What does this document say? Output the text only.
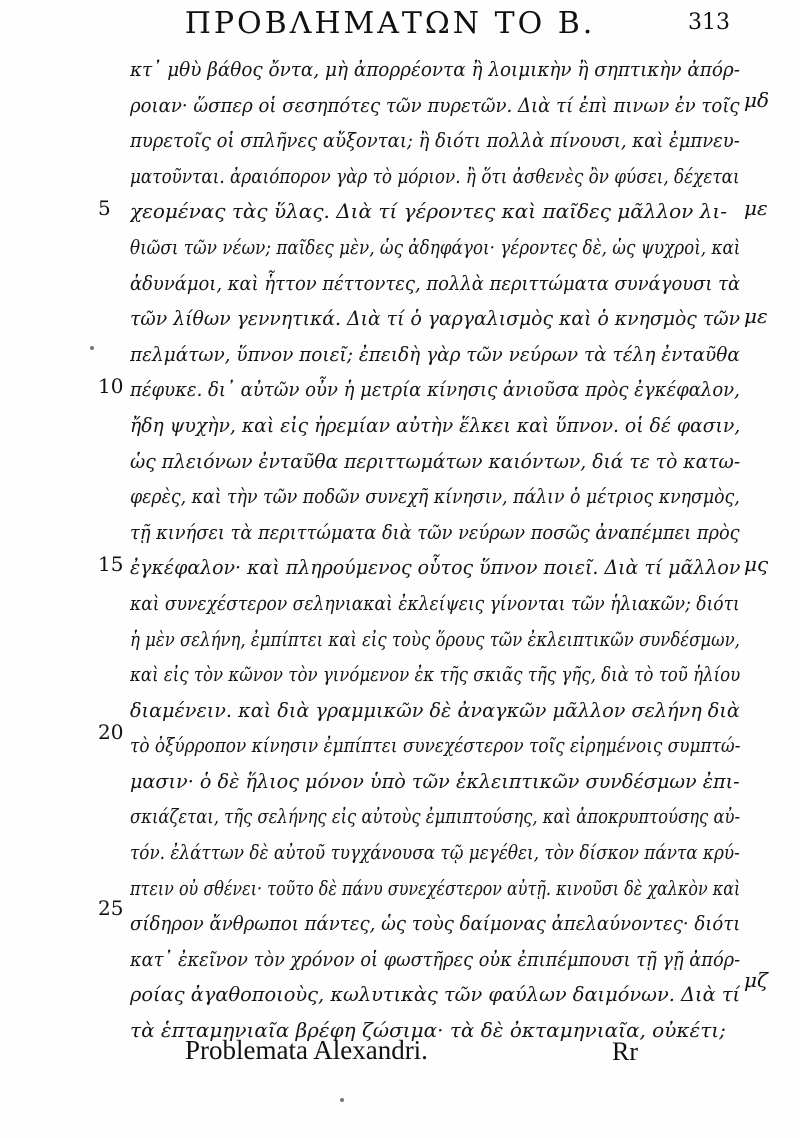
ΠΡΟΒΛΗΜΑΤΩΝ ΤΟ Β.	313
5
10
15
20
25
μδ
με
με
μς
μζ
κτ᾽ μθὺ βάθος ὄντα, μὴ ἀπορρέοντα ἢ λοιμικὴν ἢ σηπτικὴν ἀπόρ-
ροιαν· ὥσπερ οἱ σεσηπότες τῶν πυρετῶν. Διὰ τί ἐπὶ πινων ἐν τοῖς
πυρετοῖς οἱ σπλῆνες αὔξονται; ἢ διότι πολλὰ πίνουσι, καὶ ἐμπνευ-
ματοῦνται. ἀραιόπορον γὰρ τὸ μόριον. ἢ ὅτι ἀσθενὲς ὂν φύσει, δέχεται
χεομένας τὰς ὕλας. Διὰ τί γέροντες καὶ παῖδες μᾶλλον λι-
θιῶσι τῶν νέων; παῖδες μὲν, ὡς ἀδηφάγοι· γέροντες δὲ, ὡς ψυχροὶ, καὶ
ἀδυνάμοι, καὶ ἧττον πέττοντες, πολλὰ περιττώματα συνάγουσι τὰ
τῶν λίθων γεννητικά. Διὰ τί ὁ γαργαλισμὸς καὶ ὁ κνησμὸς τῶν
πελμάτων, ὕπνον ποιεῖ; ἐπειδὴ γὰρ τῶν νεύρων τὰ τέλη ἐνταῦθα
πέφυκε. δι᾽ αὐτῶν οὖν ἡ μετρία κίνησις ἀνιοῦσα πρὸς ἐγκέφαλον,
ἤδη ψυχὴν, καὶ εἰς ἠρεμίαν αὐτὴν ἕλκει καὶ ὕπνον. οἱ δέ φασιν,
ὡς πλειόνων ἐνταῦθα περιττωμάτων καιόντων, διά τε τὸ κατω-
φερὲς, καὶ τὴν τῶν ποδῶν συνεχῆ κίνησιν, πάλιν ὁ μέτριος κνησμὸς,
τῇ κινήσει τὰ περιττώματα διὰ τῶν νεύρων ποσῶς ἀναπέμπει πρὸς
ἐγκέφαλον· καὶ πληρούμενος οὗτος ὕπνον ποιεῖ. Διὰ τί μᾶλλον
καὶ συνεχέστερον σεληνιακαὶ ἐκλείψεις γίνονται τῶν ἡλιακῶν; διότι
ἡ μὲν σελήνη, ἐμπίπτει καὶ εἰς τοὺς ὅρους τῶν ἐκλειπτικῶν συνδέσμων,
καὶ εἰς τὸν κῶνον τὸν γινόμενον ἐκ τῆς σκιᾶς τῆς γῆς, διὰ τὸ τοῦ ἡλίου
διαμένειν. καὶ διὰ γραμμικῶν δὲ ἀναγκῶν μᾶλλον σελήνη διὰ
τὸ ὀξύρροπον κίνησιν ἐμπίπτει συνεχέστερον τοῖς εἰρημένοις συμπτώ-
μασιν· ὁ δὲ ἥλιος μόνον ὑπὸ τῶν ἐκλειπτικῶν συνδέσμων ἐπι-
σκιάζεται, τῆς σελήνης εἰς αὐτοὺς ἐμπιπτούσης, καὶ ἀποκρυπτούσης αὐ-
τόν. ἐλάττων δὲ αὐτοῦ τυγχάνουσα τῷ μεγέθει, τὸν δίσκον πάντα κρύ-
πτειν οὐ σθένει· τοῦτο δὲ πάνυ συνεχέστερον αὐτῇ. κινοῦσι δὲ χαλκὸν καὶ
σίδηρον ἄνθρωποι πάντες, ὡς τοὺς δαίμονας ἀπελαύνοντες· διότι
κατ᾽ ἐκεῖνον τὸν χρόνον οἱ φωστῆρες οὐκ ἐπιπέμπουσι τῇ γῇ ἀπόρ-
ροίας ἀγαθοποιοὺς, κωλυτικὰς τῶν φαύλων δαιμόνων. Διὰ τί
τὰ ἑπταμηνιαῖα βρέφη ζώσιμα· τὰ δὲ ὀκταμηνιαῖα, οὐκέτι;
Problemata Alexandri.	Rr
